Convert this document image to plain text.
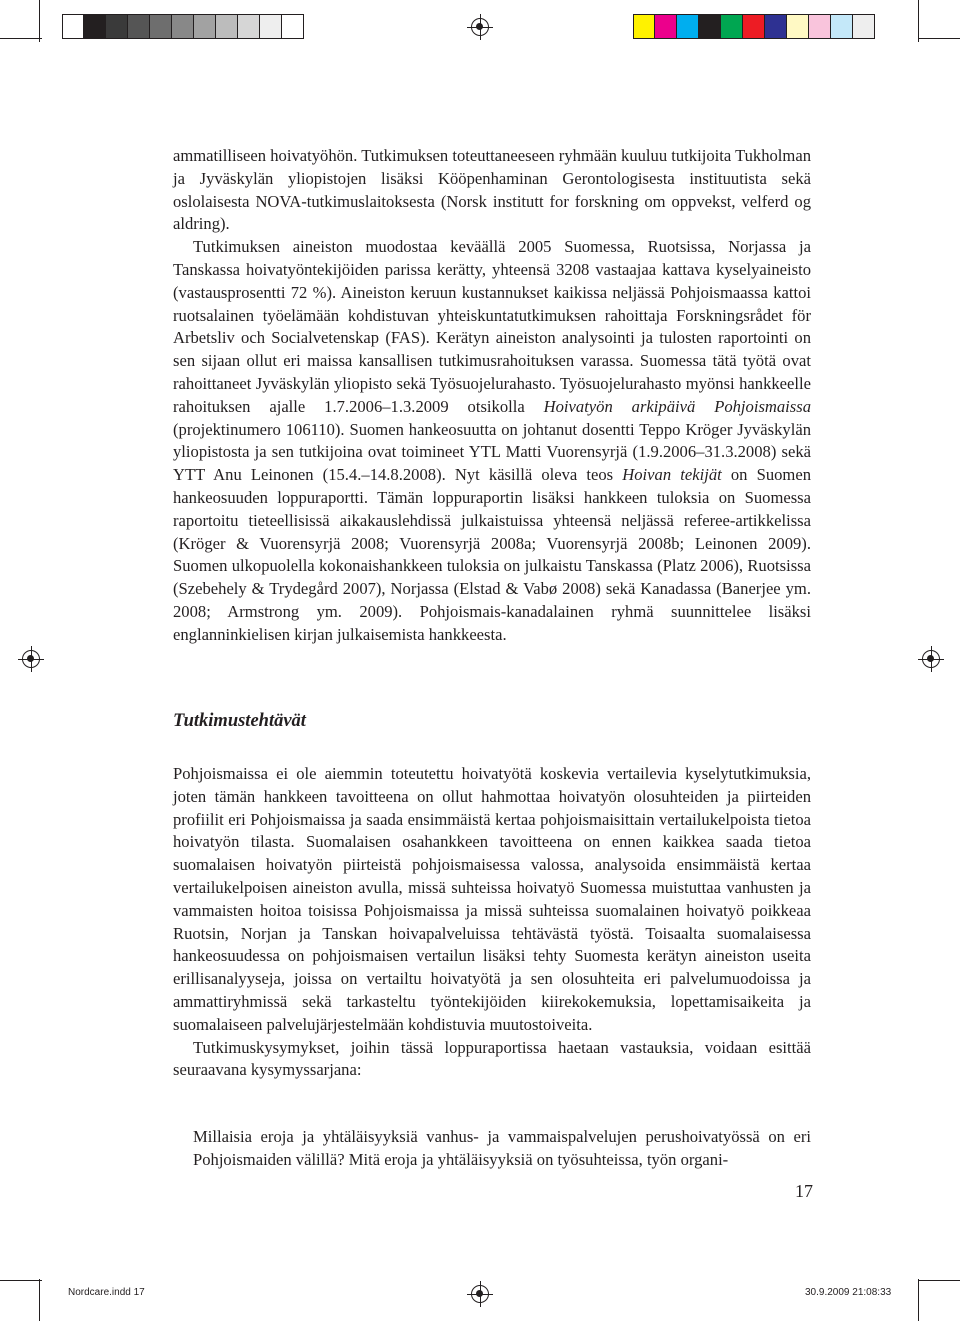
ammatilliseen hoivatyöhön. Tutkimuksen toteuttaneeseen ryhmään kuuluu tutkijoita Tukholman ja Jyväskylän yliopistojen lisäksi Kööpenhaminan Gerontologisesta instituutista sekä oslolaisesta NOVA-tutkimuslaitoksesta (Norsk institutt for forskning om oppvekst, velferd og aldring).

Tutkimuksen aineiston muodostaa keväällä 2005 Suomessa, Ruotsissa, Norjassa ja Tanskassa hoivatyöntekijöiden parissa kerätty, yhteensä 3208 vastaajaa kattava kyselyaineisto (vastausprosentti 72 %). Aineiston keruun kustannukset kaikissa neljässä Pohjoismaassa kattoi ruotsalainen työelämään kohdistuvan yhteiskuntatutkimuksen rahoittaja Forskningsrådet för Arbetsliv och Socialvetenskap (FAS). Kerätyn aineiston analysointi ja tulosten raportointi on sen sijaan ollut eri maissa kansallisen tutkimusrahoituksen varassa. Suomessa tätä työtä ovat rahoittaneet Jyväskylän yliopisto sekä Työsuojelurahasto. Työsuojelurahasto myönsi hankkeelle rahoituksen ajalle 1.7.2006–1.3.2009 otsikolla Hoivatyön arkipäivä Pohjoismaissa (projektinumero 106110). Suomen hankeosuutta on johtanut dosentti Teppo Kröger Jyväskylän yliopistosta ja sen tutkijoina ovat toimineet YTL Matti Vuorensyrjä (1.9.2006–31.3.2008) sekä YTT Anu Leinonen (15.4.–14.8.2008). Nyt käsillä oleva teos Hoivan tekijät on Suomen hankeosuuden loppuraportti. Tämän loppuraportin lisäksi hankkeen tuloksia on Suomessa raportoitu tieteellisissä aikakauslehdissä julkaistuissa yhteensä neljässä referee-artikkelissa (Kröger & Vuorensyrjä 2008; Vuorensyrjä 2008a; Vuorensyrjä 2008b; Leinonen 2009). Suomen ulkopuolella kokonaishankkeen tuloksia on julkaistu Tanskassa (Platz 2006), Ruotsissa (Szebehely & Trydegård 2007), Norjassa (Elstad & Vabø 2008) sekä Kanadassa (Banerjee ym. 2008; Armstrong ym. 2009). Pohjoismais-kanadalainen ryhmä suunnittelee lisäksi englanninkielisen kirjan julkaisemista hankkeesta.

Tutkimustehtävät

Pohjoismaissa ei ole aiemmin toteutettu hoivatyötä koskevia vertailevia kyselytutkimuksia, joten tämän hankkeen tavoitteena on ollut hahmottaa hoivatyön olosuhteiden ja piirteiden profiilit eri Pohjoismaissa ja saada ensimmäistä kertaa pohjoismaisittain vertailukelpoista tietoa hoivatyön tilasta. Suomalaisen osahankkeen tavoitteena on ennen kaikkea saada tietoa suomalaisen hoivatyön piirteistä pohjoismaisessa valossa, analysoida ensimmäistä kertaa vertailukelpoisen aineiston avulla, missä suhteissa hoivatyö Suomessa muistuttaa vanhusten ja vammaisten hoitoa toisissa Pohjoismaissa ja missä suhteissa suomalainen hoivatyö poikkeaa Ruotsin, Norjan ja Tanskan hoivapalveluissa tehtävästä työstä. Toisaalta suomalaisessa hankeosuudessa on pohjoismaisen vertailun lisäksi tehty Suomesta kerätyn aineiston useita erillisanalyyseja, joissa on vertailtu hoivatyötä ja sen olosuhteita eri palvelumuodoissa ja ammattiryhmissä sekä tarkasteltu työntekijöiden kiirekokemuksia, lopettamisaikeita ja suomalaiseen palvelujärjestelmään kohdistuvia muutostoiveita.

Tutkimuskysymykset, joihin tässä loppuraportissa haetaan vastauksia, voidaan esittää seuraavana kysymyssarjana:

Millaisia eroja ja yhtäläisyyksiä vanhus- ja vammaispalvelujen perushoivatyössä on eri Pohjoismaiden välillä? Mitä eroja ja yhtäläisyyksiä on työsuhteissa, työn organi-
17
Nordcare.indd 17	30.9.2009 21:08:33
